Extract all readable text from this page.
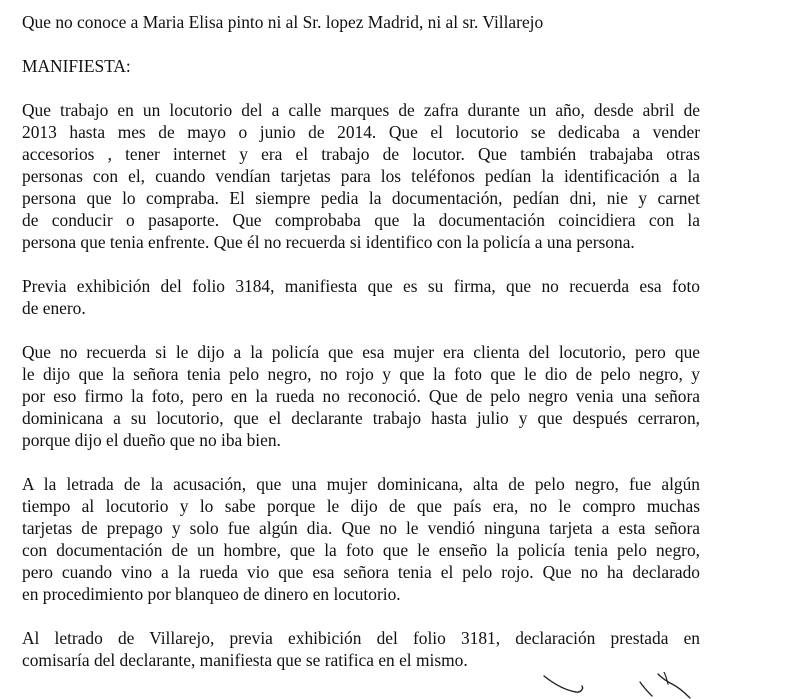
Que no conoce a Maria Elisa pinto ni al Sr. lopez Madrid, ni al sr. Villarejo

MANIFIESTA:

Que trabajo en un locutorio del a calle marques de zafra durante un año, desde abril de
2013 hasta mes de mayo o junio de 2014. Que el locutorio se dedicaba a vender
accesorios , tener internet y era el trabajo de locutor. Que también trabajaba otras
personas con el, cuando vendían tarjetas para los teléfonos pedían la identificación a la
persona que lo compraba. El siempre pedia la documentación, pedían dni, nie y carnet
de conducir o pasaporte. Que comprobaba que la documentación coincidiera con la
persona que tenia enfrente. Que él no recuerda si identifico con la policía a una persona.
Previa exhibición del folio 3184, manifiesta que es su firma, que no recuerda esa foto
de enero.
Que no recuerda si le dijo a la policía que esa mujer era clienta del locutorio, pero que
le dijo que la señora tenia pelo negro, no rojo y que la foto que le dio de pelo negro, y
por eso firmo la foto, pero en la rueda no reconoció. Que de pelo negro venia una señora
dominicana a su locutorio, que el declarante trabajo hasta julio y que después cerraron,
porque dijo el dueño que no iba bien.
A la letrada de la acusación, que una mujer dominicana, alta de pelo negro, fue algún
tiempo al locutorio y lo sabe porque le dijo de que país era, no le compro muchas
tarjetas de prepago y solo fue algún dia. Que no le vendió ninguna tarjeta a esta señora
con documentación de un hombre, que la foto que le enseño la policía tenia pelo negro,
pero cuando vino a la rueda vio que esa señora tenia el pelo rojo. Que no ha declarado
en procedimiento por blanqueo de dinero en locutorio.
Al letrado de Villarejo, previa exhibición del folio 3181, declaración prestada en
comisaría del declarante, manifiesta que se ratifica en el mismo.
